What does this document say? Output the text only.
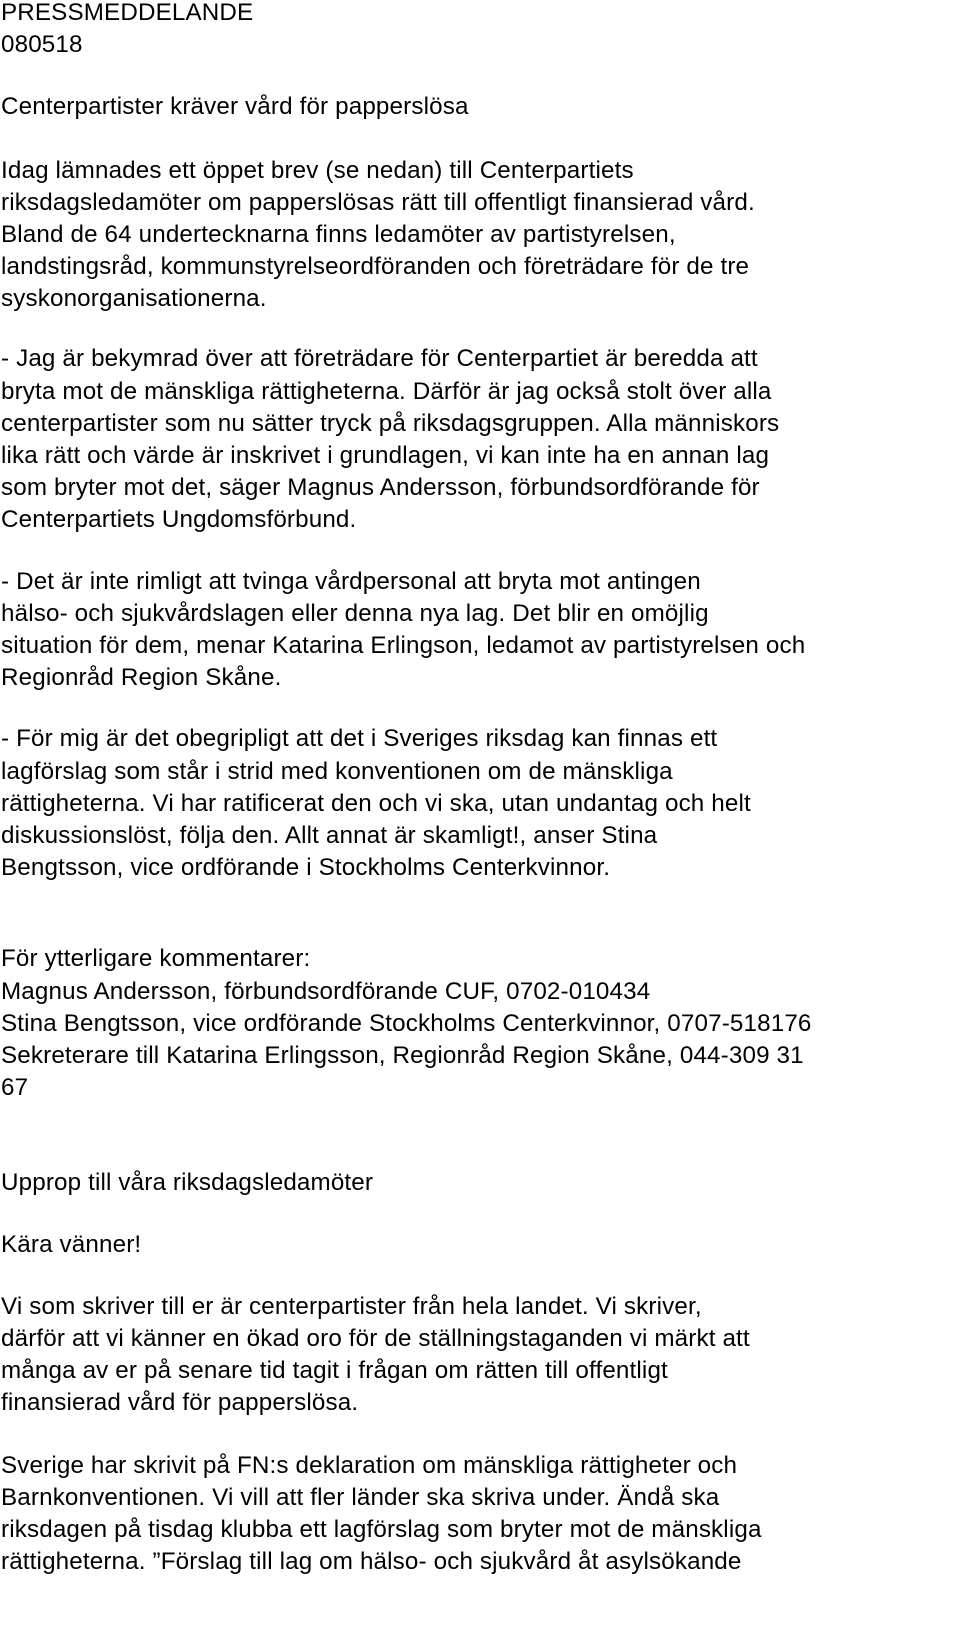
PRESSMEDDELANDE
080518
Centerpartister kräver vård för papperslösa
Idag lämnades ett öppet brev (se nedan) till Centerpartiets
riksdagsledamöter om papperslösas rätt till offentligt finansierad vård.
Bland de 64 undertecknarna finns ledamöter av partistyrelsen,
landstingsråd, kommunstyrelseordföranden och företrädare för de tre
syskonorganisationerna.
- Jag är bekymrad över att företrädare för Centerpartiet är beredda att
bryta mot de mänskliga rättigheterna. Därför är jag också stolt över alla
centerpartister som nu sätter tryck på riksdagsgruppen. Alla människors
lika rätt och värde är inskrivet i grundlagen, vi kan inte ha en annan lag
som bryter mot det, säger Magnus Andersson, förbundsordförande för
Centerpartiets Ungdomsförbund.
- Det är inte rimligt att tvinga vårdpersonal att bryta mot antingen
hälso- och sjukvårdslagen eller denna nya lag. Det blir en omöjlig
situation för dem, menar Katarina Erlingson, ledamot av partistyrelsen och
Regionråd Region Skåne.
- För mig är det obegripligt att det i Sveriges riksdag kan finnas ett
lagförslag som står i strid med konventionen om de mänskliga
rättigheterna. Vi har ratificerat den och vi ska, utan undantag och helt
diskussionslöst, följa den. Allt annat är skamligt!, anser Stina
Bengtsson, vice ordförande i Stockholms Centerkvinnor.
För ytterligare kommentarer:
Magnus Andersson, förbundsordförande CUF, 0702-010434
Stina Bengtsson, vice ordförande Stockholms Centerkvinnor, 0707-518176
Sekreterare till Katarina Erlingsson, Regionråd Region Skåne, 044-309 31
67
Upprop till våra riksdagsledamöter
Kära vänner!
Vi som skriver till er är centerpartister från hela landet. Vi skriver,
därför att vi känner en ökad oro för de ställningstaganden vi märkt att
många av er på senare tid tagit i frågan om rätten till offentligt
finansierad vård för papperslösa.
Sverige har skrivit på FN:s deklaration om mänskliga rättigheter och
Barnkonventionen. Vi vill att fler länder ska skriva under. Ändå ska
riksdagen på tisdag klubba ett lagförslag som bryter mot de mänskliga
rättigheterna. ”Förslag till lag om hälso- och sjukvård åt asylsökande
